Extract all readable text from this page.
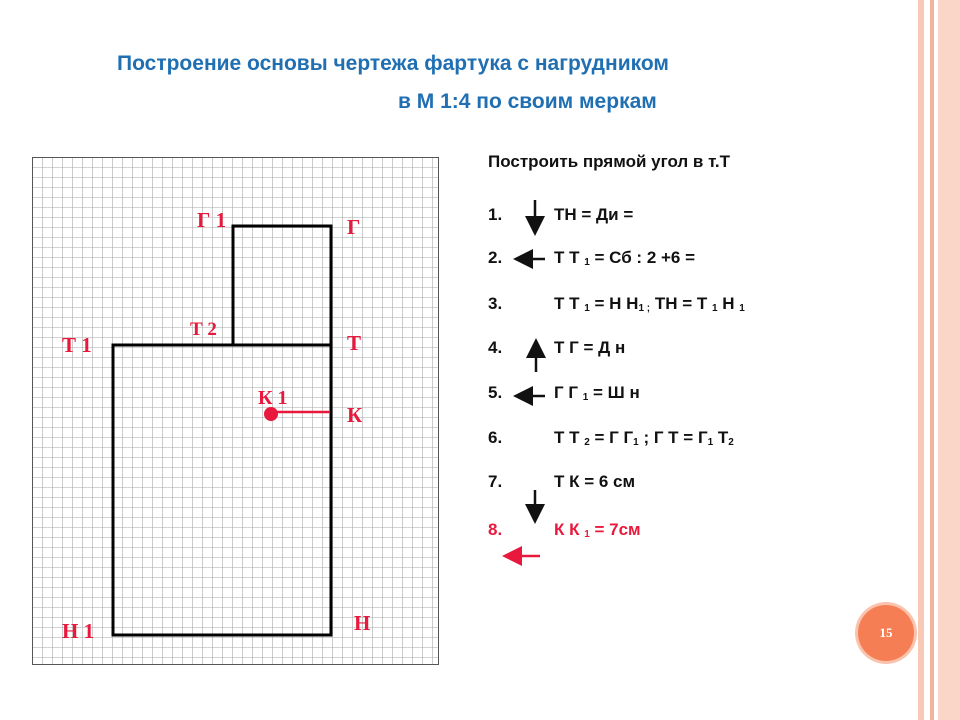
Построение основы чертежа фартука с нагрудником
в М 1:4 по своим меркам
Г 1	Г
Т 2
Т 1	Т
К 1
К
Н 1	Н
Построить прямой угол в т.Т
1.	ТН = Ди =
2.	Т Т $_1$ = Сб : 2 +6 =
3.	Т Т $_1$ = Н $Н_{1 ;}$ ТН = Т $_1$ Н $_1$
4.	Т Г = Д н
5.	Г Г $_1$ = Ш н
6.	Т Т $_2$ = Г $Г_1$ ; Г $Т = Г_1$ $Т_2$
7.	Т К = 6 см
8.	К К $_1$ = 7см
15
